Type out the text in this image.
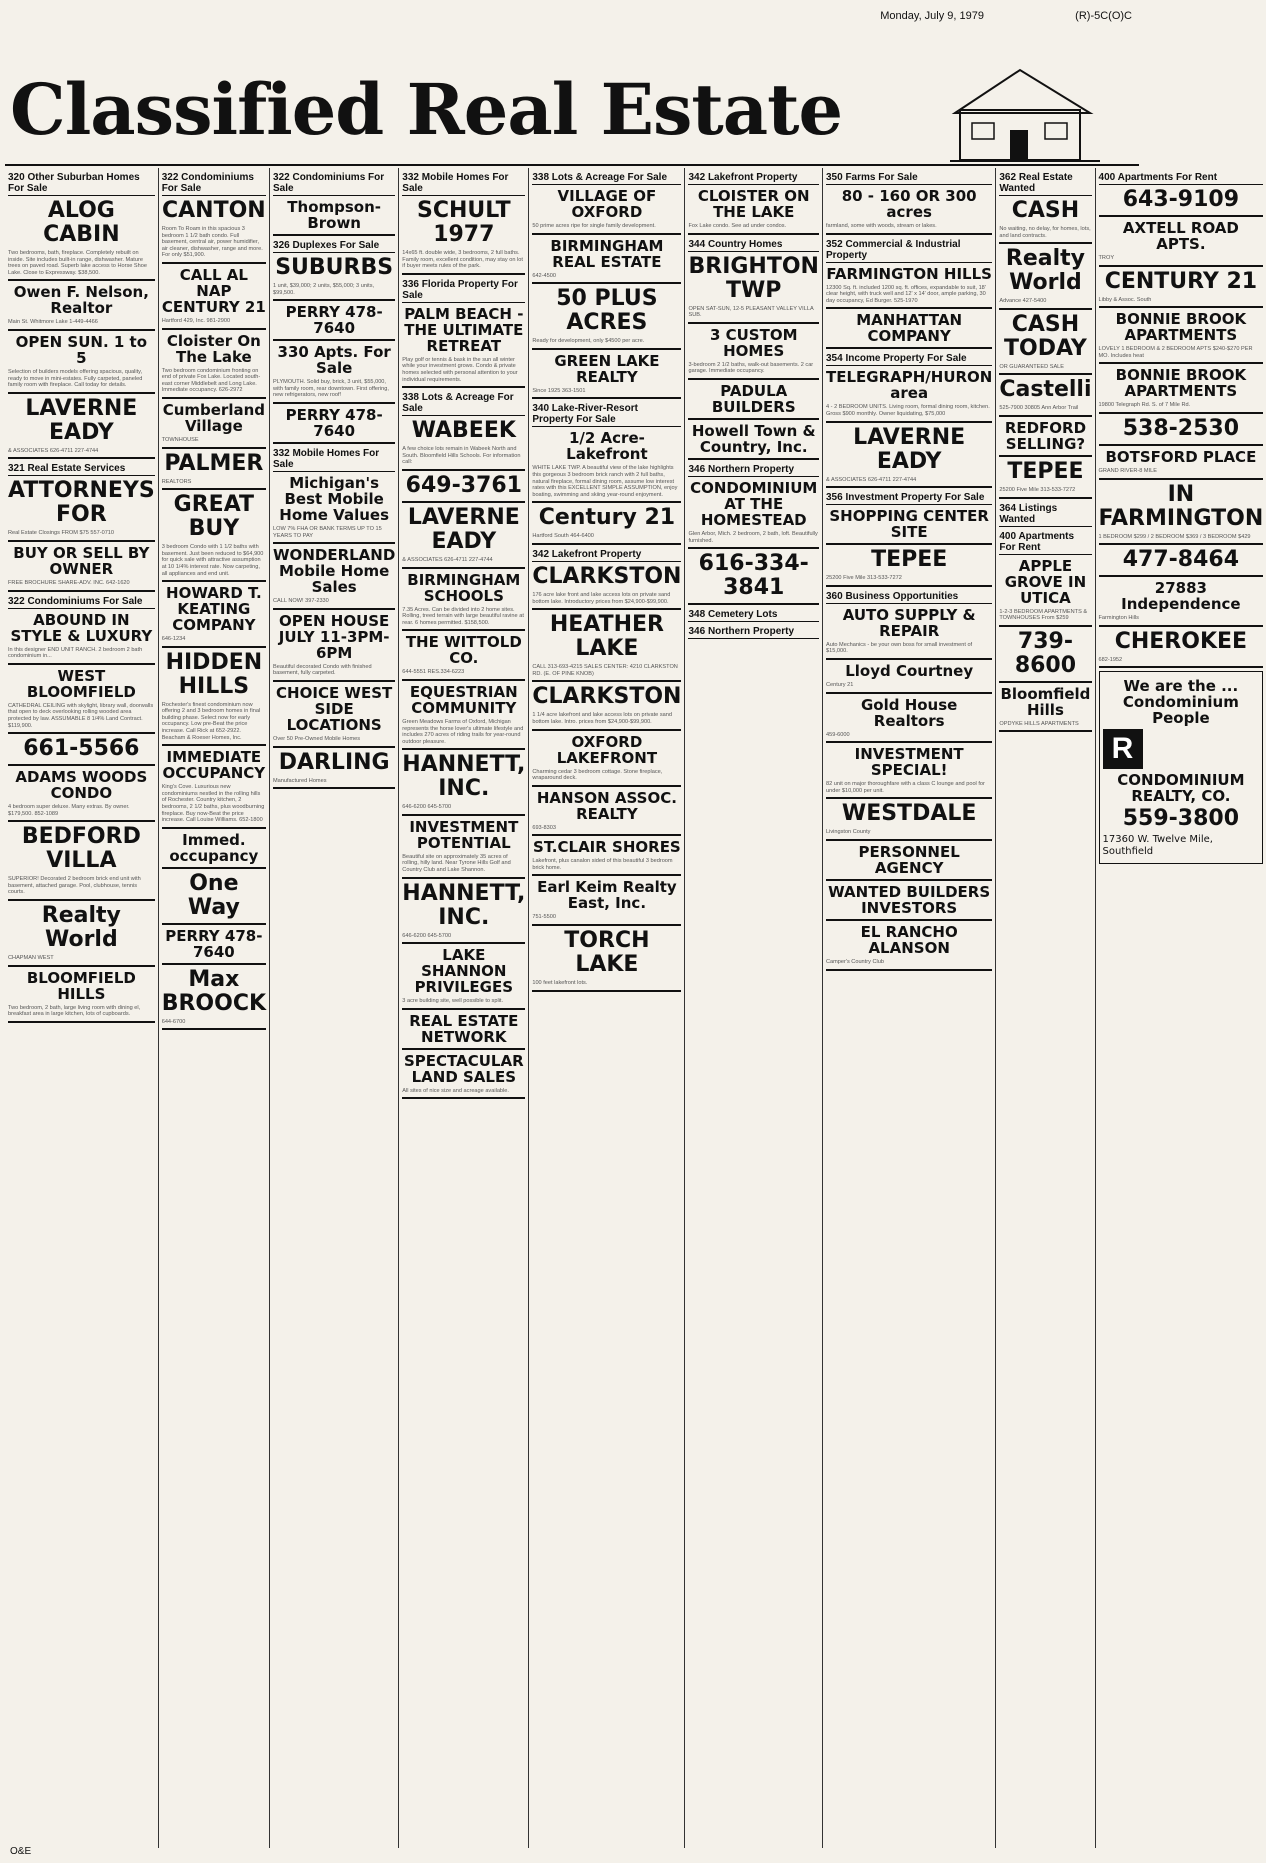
Monday, July 9, 1979	(R)-5C(O)C
Classified Real Estate
320 Other Suburban Homes For Sale
ALOG CABIN
Two bedrooms, bath, fireplace. Completely rebuilt on inside. Site includes built-in range, dishwasher. Mature trees on paved road. Superb lake access to Horse Shoe Lake. Close to Expressway. $38,500.
Owen F. Nelson, Realtor
Main St. Whitmore Lake 1-449-4466
OPEN SUN. 1 to 5
Selection of builders models offering spacious, quality, ready to move in mini-estates. Fully carpeted, paneled family room with fireplace. Call today for details.
LAVERNE EADY
& ASSOCIATES 626-4711 227-4744
321 Real Estate Services
ATTORNEYS FOR
Real Estate Closings FROM $75 557-0710
BUY OR SELL BY OWNER
FREE BROCHURE SHARE-ADV. INC. 642-1620
322 Condominiums For Sale
ABOUND IN STYLE & LUXURY
In this designer END UNIT RANCH. 2 bedroom 2 bath condominium in...
WEST BLOOMFIELD
CATHEDRAL CEILING with skylight, library wall, doorwalls that open to deck overlooking rolling wooded area protected by law. ASSUMABLE 8 1/4% Land Contract. $119,900.
661-5566
ADAMS WOODS CONDO
4 bedroom super deluxe. Many extras. By owner. $179,500. 852-1089
BEDFORD VILLA
SUPERIOR! Decorated 2 bedroom brick end unit with basement, attached garage. Pool, clubhouse, tennis courts.
Realty World
CHAPMAN WEST
BLOOMFIELD HILLS
Two bedroom, 2 bath, large living room with dining el, breakfast area in large kitchen, lots of cupboards.
322 Condominiums For Sale
CANTON
Room To Roam in this spacious 3 bedroom 1 1/2 bath condo. Full basement, central air, power humidifier, air cleaner, dishwasher, range and more. For only $51,900.
CALL AL NAP CENTURY 21
Hartford 429, Inc. 981-2900
Cloister On The Lake
Two bedroom condominium fronting on end of private Fox Lake. Located south-east corner Middlebelt and Long Lake. Immediate occupancy. 626-2972
Cumberland Village
TOWNHOUSE
PALMER
REALTORS
GREAT BUY
3 bedroom Condo with 1 1/2 baths with basement. Just been reduced to $64,900 for quick sale with attractive assumption at 10 1/4% interest rate. Now carpeting, all appliances and end unit.
HOWARD T. KEATING COMPANY
646-1234
HIDDEN HILLS
Rochester's finest condominium now offering 2 and 3 bedroom homes in final building phase. Select now for early occupancy. Low pre-Beat the price increase. Call Rick at 652-2922. Beacham & Roeser Homes, Inc.
IMMEDIATE OCCUPANCY
King's Cove. Luxurious new condominiums nestled in the rolling hills of Rochester. Country kitchen, 2 bedrooms, 2 1/2 baths, plus woodburning fireplace. Buy now-Beat the price increase. Call Louise Williams. 652-1800
Immed. occupancy
One Way
PERRY 478-7640
Max BROOCK
644-6700
322 Condominiums For Sale
Thompson-Brown
326 Duplexes For Sale
SUBURBS
1 unit, $39,000; 2 units, $55,000; 3 units, $99,500.
PERRY 478-7640
330 Apts. For Sale
PLYMOUTH. Solid buy, brick, 3 unit, $55,000, with family room, rear downtown. First offering, new refrigerators, new roof!
PERRY 478-7640
332 Mobile Homes For Sale
Michigan's Best Mobile Home Values
LOW 7% FHA OR BANK TERMS UP TO 15 YEARS TO PAY
WONDERLAND Mobile Home Sales
CALL NOW! 397-2330
OPEN HOUSE JULY 11-3PM-6PM
Beautiful decorated Condo with finished basement, fully carpeted.
CHOICE WEST SIDE LOCATIONS
Over 50 Pre-Owned Mobile Homes
DARLING
Manufactured Homes
332 Mobile Homes For Sale
SCHULT 1977
14x65 ft. double wide, 3 bedrooms, 2 full baths. Family room, excellent condition, may stay on lot if buyer meets rules of the park.
336 Florida Property For Sale
PALM BEACH - THE ULTIMATE RETREAT
Play golf or tennis & bask in the sun all winter while your investment grows. Condo & private homes selected with personal attention to your individual requirements.
338 Lots & Acreage For Sale
WABEEK
A few choice lots remain in Wabeek North and South. Bloomfield Hills Schools. For information call:
649-3761
LAVERNE EADY
& ASSOCIATES 626-4711 227-4744
BIRMINGHAM SCHOOLS
7.35 Acres. Can be divided into 2 home sites. Rolling, treed terrain with large beautiful ravine at rear. 6 homes permitted. $158,500.
THE WITTOLD CO.
644-5551 RES.334-6223
EQUESTRIAN COMMUNITY
Green Meadows Farms of Oxford, Michigan represents the horse lover's ultimate lifestyle and includes 270 acres of riding trails for year-round outdoor pleasure.
HANNETT, INC.
646-6200 645-5700
INVESTMENT POTENTIAL
Beautiful site on approximately 35 acres of rolling, hilly land. Near Tyrone Hills Golf and Country Club and Lake Shannon.
HANNETT, INC.
646-6200 645-5700
LAKE SHANNON PRIVILEGES
3 acre building site, well possible to split.
REAL ESTATE NETWORK
SPECTACULAR LAND SALES
All sites of nice size and acreage available.
338 Lots & Acreage For Sale
VILLAGE OF OXFORD
50 prime acres ripe for single family development.
BIRMINGHAM REAL ESTATE
642-4500
50 PLUS ACRES
Ready for development, only $4500 per acre.
GREEN LAKE REALTY
Since 1925 363-1501
340 Lake-River-Resort Property For Sale
1/2 Acre-Lakefront
WHITE LAKE TWP. A beautiful view of the lake highlights this gorgeous 3 bedroom brick ranch with 2 full baths, natural fireplace, formal dining room, assume low interest rates with this EXCELLENT SIMPLE ASSUMPTION, enjoy boating, swimming and skiing year-round enjoyment.
Century 21
Hartford South 464-6400
342 Lakefront Property
CLARKSTON
176 acre lake front and lake access lots on private sand bottom lake. Introductory prices from $24,900-$99,900.
HEATHER LAKE
CALL 313-693-4215 SALES CENTER: 4210 CLARKSTON RD. (E. OF PINE KNOB)
CLARKSTON
1 1/4 acre lakefront and lake access lots on private sand bottom lake. Intro. prices from $24,900-$99,900.
OXFORD LAKEFRONT
Charming cedar 3 bedroom cottage. Stone fireplace, wraparound deck.
HANSON ASSOC. REALTY
693-8303
ST.CLAIR SHORES
Lakefront, plus canalon sided of this beautiful 3 bedroom brick home.
Earl Keim Realty East, Inc.
751-5500
TORCH LAKE
100 feet lakefront lots.
342 Lakefront Property
CLOISTER ON THE LAKE
Fox Lake condo. See ad under condos.
344 Country Homes
BRIGHTON TWP
OPEN SAT-SUN, 12-5 PLEASANT VALLEY VILLA SUB.
3 CUSTOM HOMES
3-bedroom 2 1/2 baths, walk-out basements. 2 car garage. Immediate occupancy.
PADULA BUILDERS
Howell Town & Country, Inc.
346 Northern Property
CONDOMINIUM AT THE HOMESTEAD
Glen Arbor, Mich. 2 bedroom, 2 bath, loft. Beautifully furnished.
616-334-3841
348 Cemetery Lots
346 Northern Property
350 Farms For Sale
80 - 160 OR 300 acres
farmland, some with woods, stream or lakes.
352 Commercial & Industrial Property
FARMINGTON HILLS
12300 Sq. ft. included 1200 sq. ft. offices, expandable to suit, 18' clear height, with truck well and 12' x 14' door, ample parking, 30 day occupancy, Ed Burger. 525-1970
MANHATTAN COMPANY
354 Income Property For Sale
TELEGRAPH/HURON area
4 - 2 BEDROOM UNITS. Living room, formal dining room, kitchen. Gross $900 monthly. Owner liquidating, $75,000
LAVERNE EADY
& ASSOCIATES 626-4711 227-4744
356 Investment Property For Sale
SHOPPING CENTER SITE
TEPEE
25200 Five Mile 313-533-7272
360 Business Opportunities
AUTO SUPPLY & REPAIR
Auto Mechanics - be your own boss for small investment of $15,000.
Lloyd Courtney
Century 21
Gold House Realtors
459-6000
INVESTMENT SPECIAL!
82 unit on major thoroughfare with a class C lounge and pool for under $10,000 per unit.
WESTDALE
Livingston County
PERSONNEL AGENCY
WANTED BUILDERS INVESTORS
EL RANCHO ALANSON
Camper's Country Club
362 Real Estate Wanted
CASH
No waiting, no delay, for homes, lots, and land contracts.
Realty World
Advance 427-5400
CASH TODAY
OR GUARANTEED SALE
Castelli
525-7900 30805 Ann Arbor Trail
REDFORD SELLING?
TEPEE
25200 Five Mile 313-533-7272
364 Listings Wanted
400 Apartments For Rent
APPLE GROVE IN UTICA
1-2-3 BEDROOM APARTMENTS & TOWNHOUSES From $259
739-8600
Bloomfield Hills
OPDYKE HILLS APARTMENTS
400 Apartments For Rent
643-9109
AXTELL ROAD APTS.
TROY
CENTURY 21
Libby & Assoc. South
BONNIE BROOK APARTMENTS
LOVELY 1 BEDROOM & 2 BEDROOM APTS $240-$270 PER MO. Includes heat
BONNIE BROOK APARTMENTS
19800 Telegraph Rd. S. of 7 Mile Rd.
538-2530
BOTSFORD PLACE
GRAND RIVER-8 MILE
IN FARMINGTON
1 BEDROOM $299 / 2 BEDROOM $369 / 3 BEDROOM $429
477-8464
27883 Independence
Farmington Hills
CHEROKEE
682-1952
We are the ... Condominium People
R
CONDOMINIUM REALTY, CO.
559-3800
17360 W. Twelve Mile, Southfield
O&E
